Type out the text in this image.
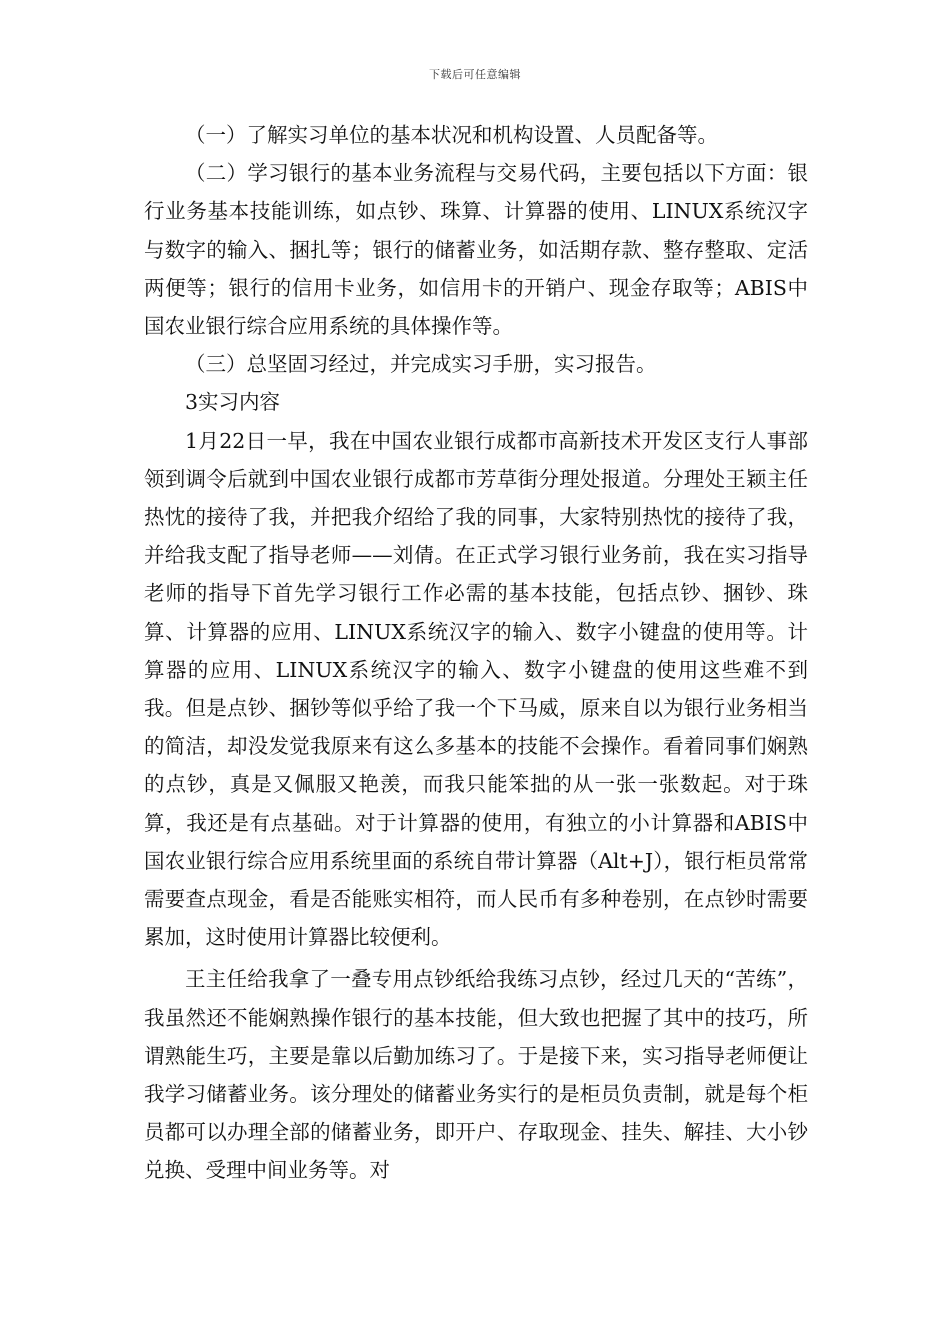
下载后可任意编辑

（一）了解实习单位的基本状况和机构设置、人员配备等。

（二）学习银行的基本业务流程与交易代码，主要包括以下方面：银行业务基本技能训练，如点钞、珠算、计算器的使用、LINUX系统汉字与数字的输入、捆扎等；银行的储蓄业务，如活期存款、整存整取、定活两便等；银行的信用卡业务，如信用卡的开销户、现金存取等；ABIS中国农业银行综合应用系统的具体操作等。

（三）总坚固习经过，并完成实习手册，实习报告。

3实习内容

1月22日一早，我在中国农业银行成都市高新技术开发区支行人事部领到调令后就到中国农业银行成都市芳草街分理处报道。分理处王颖主任热忱的接待了我，并把我介绍给了我的同事，大家特别热忱的接待了我，并给我支配了指导老师——刘倩。在正式学习银行业务前，我在实习指导老师的指导下首先学习银行工作必需的基本技能，包括点钞、捆钞、珠算、计算器的应用、LINUX系统汉字的输入、数字小键盘的使用等。计算器的应用、LINUX系统汉字的输入、数字小键盘的使用这些难不到我。但是点钞、捆钞等似乎给了我一个下马威，原来自以为银行业务相当的简洁，却没发觉我原来有这么多基本的技能不会操作。看着同事们娴熟的点钞，真是又佩服又艳羡，而我只能笨拙的从一张一张数起。对于珠算，我还是有点基础。对于计算器的使用，有独立的小计算器和ABIS中国农业银行综合应用系统里面的系统自带计算器（Alt+J），银行柜员常常需要查点现金，看是否能账实相符，而人民币有多种卷别，在点钞时需要累加，这时使用计算器比较便利。

王主任给我拿了一叠专用点钞纸给我练习点钞，经过几天的“苦练”，我虽然还不能娴熟操作银行的基本技能，但大致也把握了其中的技巧，所谓熟能生巧，主要是靠以后勤加练习了。于是接下来，实习指导老师便让我学习储蓄业务。该分理处的储蓄业务实行的是柜员负责制，就是每个柜员都可以办理全部的储蓄业务，即开户、存取现金、挂失、解挂、大小钞兑换、受理中间业务等。对
